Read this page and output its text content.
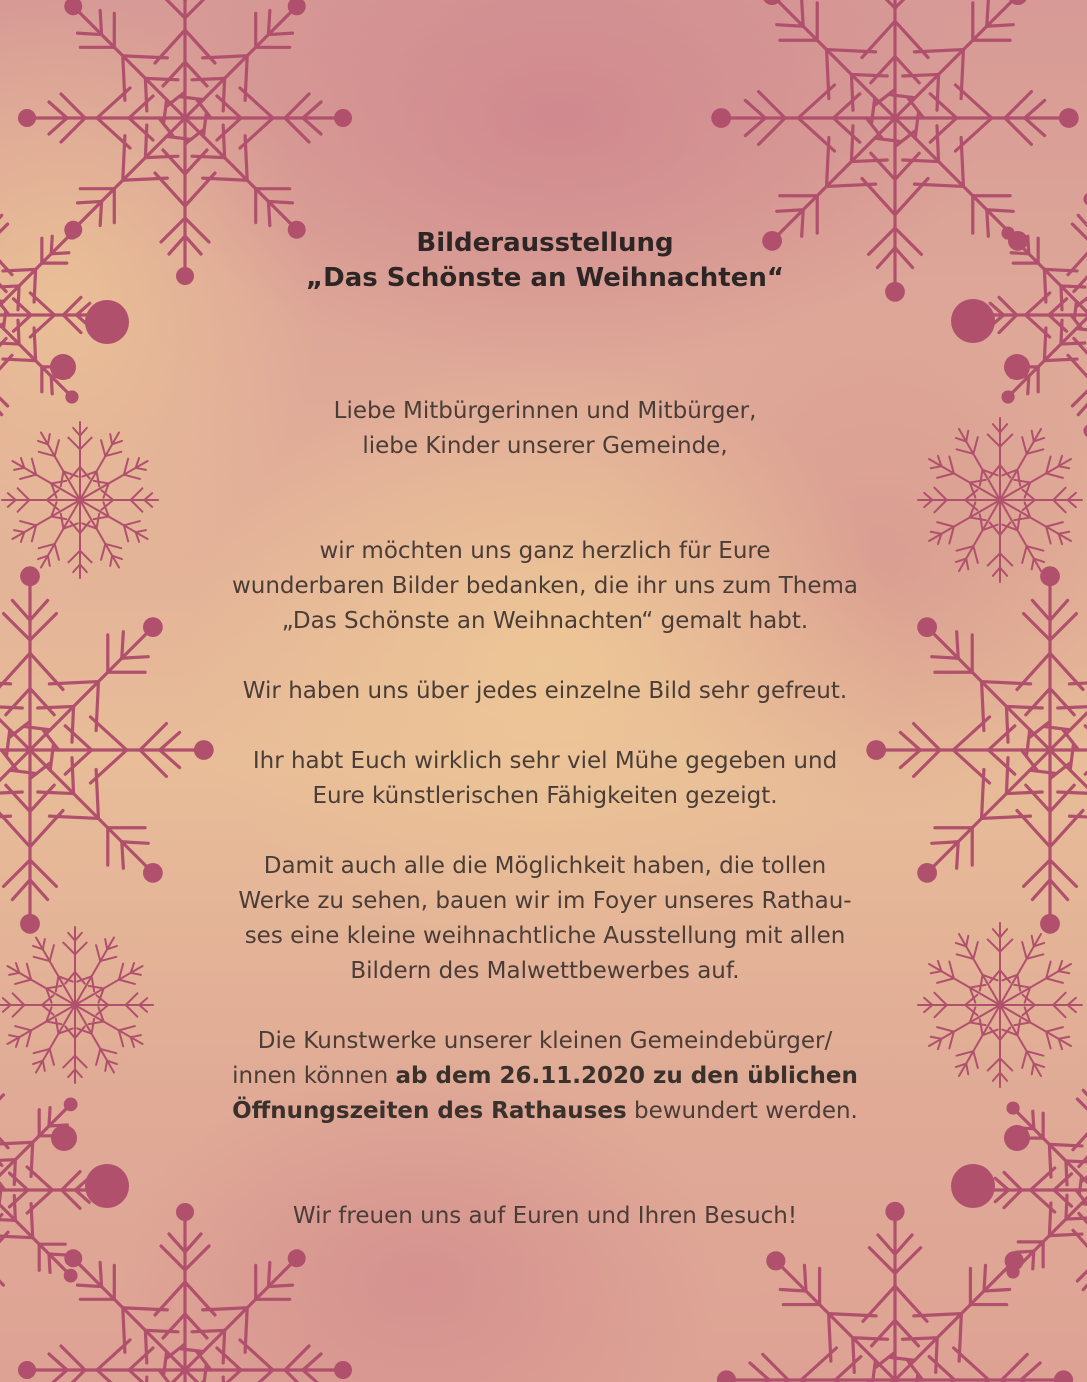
Bilderausstellung

„Das Schönste an Weihnachten“

Liebe Mitbürgerinnen und Mitbürger,

liebe Kinder unserer Gemeinde,

wir möchten uns ganz herzlich für Eure

wunderbaren Bilder bedanken, die ihr uns zum Thema

„Das Schönste an Weihnachten“ gemalt habt.

Wir haben uns über jedes einzelne Bild sehr gefreut.

Ihr habt Euch wirklich sehr viel Mühe gegeben und

Eure künstlerischen Fähigkeiten gezeigt.

Damit auch alle die Möglichkeit haben, die tollen

Werke zu sehen, bauen wir im Foyer unseres Rathau-

ses eine kleine weihnachtliche Ausstellung mit allen

Bildern des Malwettbewerbes auf.

Die Kunstwerke unserer kleinen Gemeindebürger/

innen können ab dem 26.11.2020 zu den üblichen

Öffnungszeiten des Rathauses bewundert werden.

Wir freuen uns auf Euren und Ihren Besuch!
